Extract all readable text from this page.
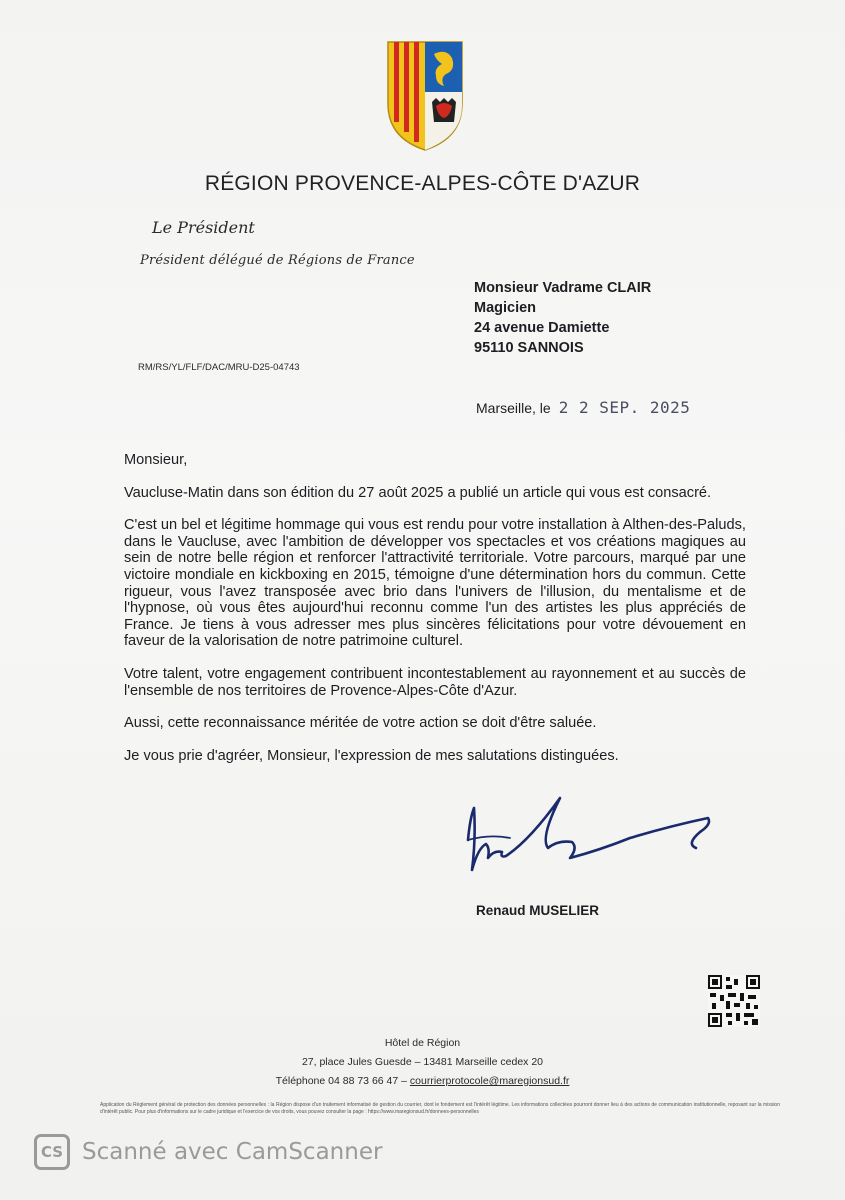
RÉGION PROVENCE-ALPES-CÔTE D'AZUR
Le Président
Président délégué de Régions de France
Monsieur Vadrame CLAIR
Magicien
24 avenue Damiette
95110 SANNOIS
RM/RS/YL/FLF/DAC/MRU-D25-04743
Marseille, le 2 2 SEP. 2025

Monsieur,

Vaucluse-Matin dans son édition du 27 août 2025 a publié un article qui vous est consacré.

C'est un bel et légitime hommage qui vous est rendu pour votre installation à Althen-des-Paluds, dans le Vaucluse, avec l'ambition de développer vos spectacles et vos créations magiques au sein de notre belle région et renforcer l'attractivité territoriale. Votre parcours, marqué par une victoire mondiale en kickboxing en 2015, témoigne d'une détermination hors du commun. Cette rigueur, vous l'avez transposée avec brio dans l'univers de l'illusion, du mentalisme et de l'hypnose, où vous êtes aujourd'hui reconnu comme l'un des artistes les plus appréciés de France. Je tiens à vous adresser mes plus sincères félicitations pour votre dévouement en faveur de la valorisation de notre patrimoine culturel.

Votre talent, votre engagement contribuent incontestablement au rayonnement et au succès de l'ensemble de nos territoires de Provence-Alpes-Côte d'Azur.

Aussi, cette reconnaissance méritée de votre action se doit d'être saluée.

Je vous prie d'agréer, Monsieur, l'expression de mes salutations distinguées.

Renaud MUSELIER
Hôtel de Région
27, place Jules Guesde – 13481 Marseille cedex 20
Téléphone 04 88 73 66 47 – courrierprotocole@maregionsud.fr
Application du Règlement général de protection des données personnelles : la Région dispose d'un traitement informatisé de gestion du courrier, dont le fondement est l'intérêt légitime. Les informations collectées pourront donner lieu à des actions de communication institutionnelle, reposant sur la mission d'intérêt public. Pour plus d'informations sur le cadre juridique et l'exercice de vos droits, vous pouvez consulter la page : https://www.maregionsud.fr/donnees-personnelles
CS Scanné avec CamScanner
